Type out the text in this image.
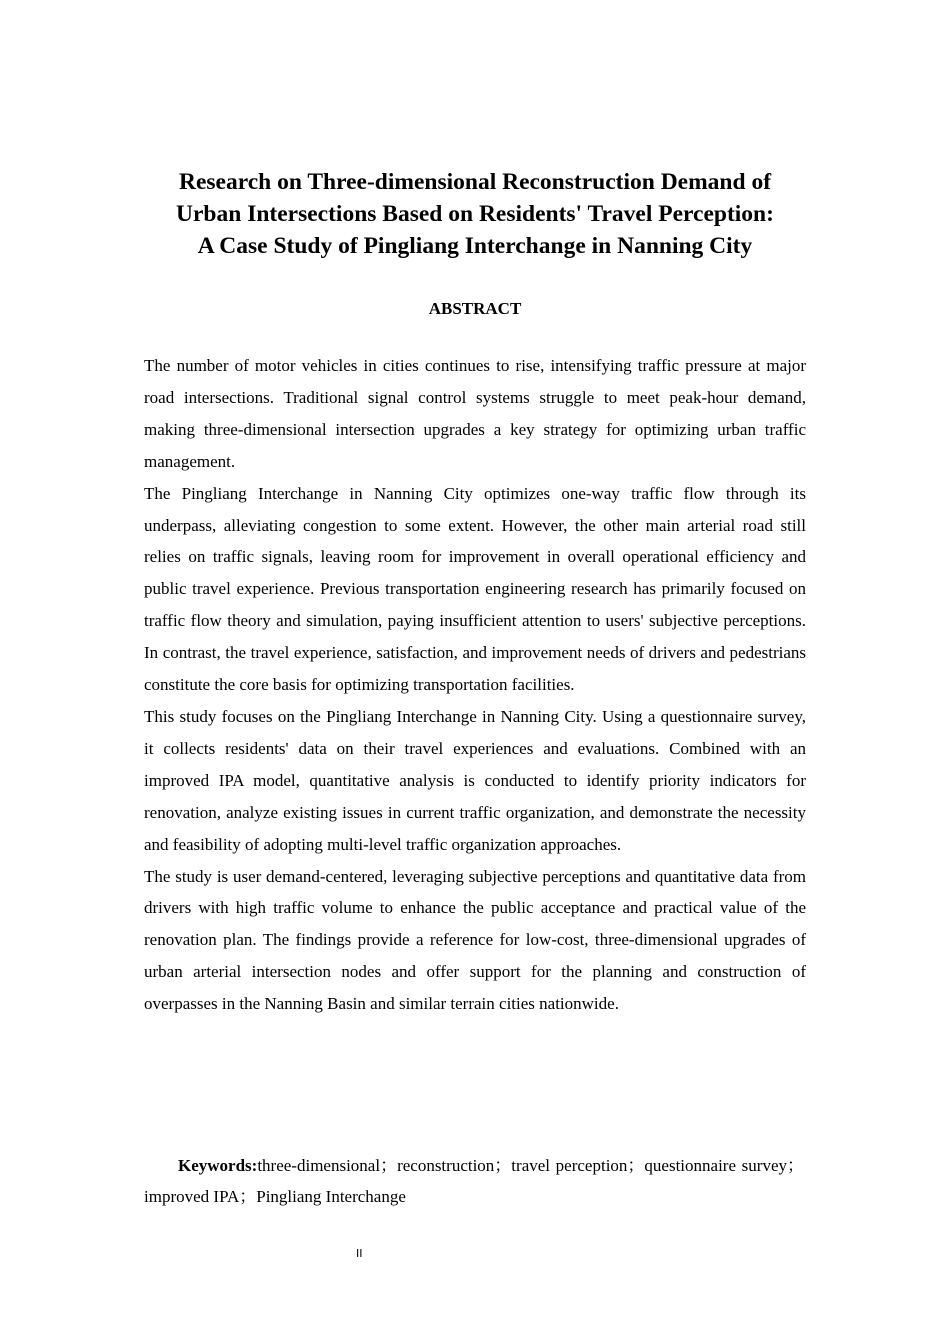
Research on Three-dimensional Reconstruction Demand of
Urban Intersections Based on Residents' Travel Perception:
A Case Study of Pingliang Interchange in Nanning City
ABSTRACT

The number of motor vehicles in cities continues to rise, intensifying traffic pressure at major road intersections. Traditional signal control systems struggle to meet peak-hour demand, making three-dimensional intersection upgrades a key strategy for optimizing urban traffic management.

The Pingliang Interchange in Nanning City optimizes one-way traffic flow through its underpass, alleviating congestion to some extent. However, the other main arterial road still relies on traffic signals, leaving room for improvement in overall operational efficiency and public travel experience. Previous transportation engineering research has primarily focused on traffic flow theory and simulation, paying insufficient attention to users' subjective perceptions. In contrast, the travel experience, satisfaction, and improvement needs of drivers and pedestrians constitute the core basis for optimizing transportation facilities.

This study focuses on the Pingliang Interchange in Nanning City. Using a questionnaire survey, it collects residents' data on their travel experiences and evaluations. Combined with an improved IPA model, quantitative analysis is conducted to identify priority indicators for renovation, analyze existing issues in current traffic organization, and demonstrate the necessity and feasibility of adopting multi-level traffic organization approaches.

The study is user demand-centered, leveraging subjective perceptions and quantitative data from drivers with high traffic volume to enhance the public acceptance and practical value of the renovation plan. The findings provide a reference for low-cost, three-dimensional upgrades of urban arterial intersection nodes and offer support for the planning and construction of overpasses in the Nanning Basin and similar terrain cities nationwide.

Keywords:three-dimensional；reconstruction；travel perception；questionnaire survey；improved IPA；Pingliang Interchange

II
